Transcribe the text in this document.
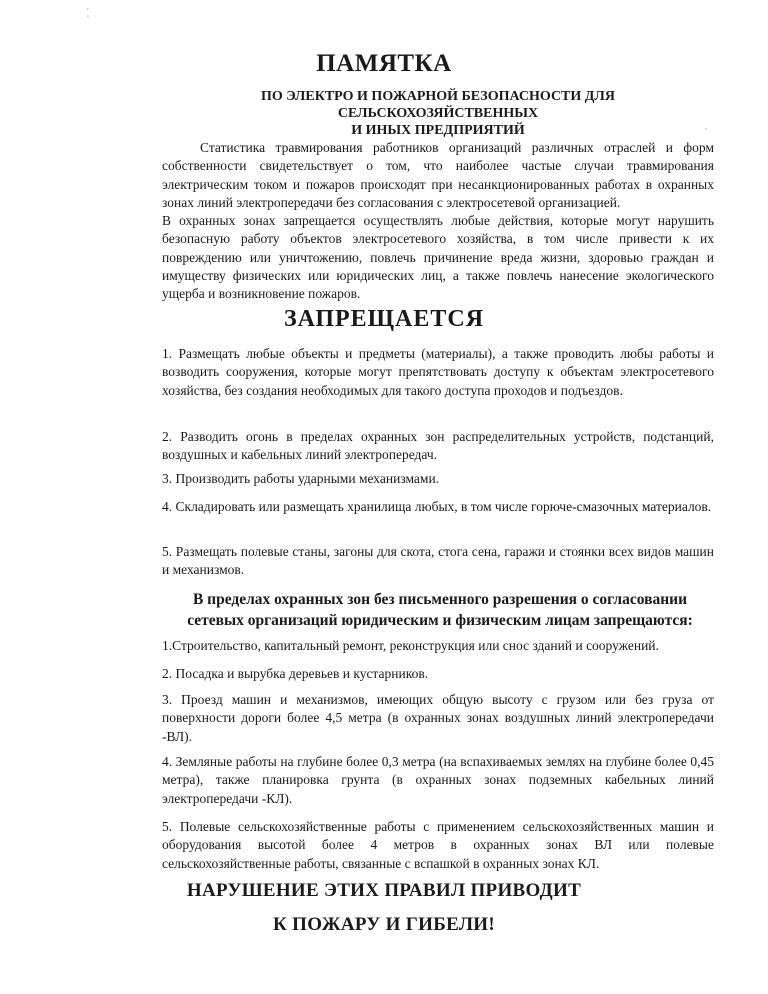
⁚
·
ПАМЯТКА
ПО ЭЛЕКТРО И ПОЖАРНОЙ БЕЗОПАСНОСТИ ДЛЯ
СЕЛЬСКОХОЗЯЙСТВЕННЫХ
И ИНЫХ ПРЕДПРИЯТИЙ

Статистика травмирования работников организаций различных отраслей и форм собственности свидетельствует о том, что наиболее частые случаи травмирования электрическим током и пожаров происходят при несанкционированных работах в охранных зонах линий электропередачи без согласования с электросетевой организацией.

В охранных зонах запрещается осуществлять любые действия, которые могут нарушить безопасную работу объектов электросетевого хозяйства, в том числе привести к их повреждению или уничтожению, повлечь причинение вреда жизни, здоровью граждан и имуществу физических или юридических лиц, а также повлечь нанесение экологического ущерба и возникновение пожаров.

ЗАПРЕЩАЕТСЯ

1. Размещать любые объекты и предметы (материалы), а также проводить любы работы и возводить сооружения, которые могут препятствовать доступу к объектам электросетевого хозяйства, без создания необходимых для такого доступа проходов и подъездов.

2. Разводить огонь в пределах охранных зон распределительных устройств, подстанций, воздушных и кабельных линий электропередач.

3. Производить работы ударными механизмами.

4. Складировать или размещать хранилища любых, в том числе горюче-смазочных материалов.

5. Размещать полевые станы, загоны для скота, стога сена, гаражи и стоянки всех видов машин и механизмов.

В пределах охранных зон без письменного разрешения о согласовании
сетевых организаций юридическим и физическим лицам запрещаются:

1.Строительство, капитальный ремонт, реконструкция или снос зданий и сооружений.

2. Посадка и вырубка деревьев и кустарников.

3. Проезд машин и механизмов, имеющих общую высоту с грузом или без груза от поверхности дороги более 4,5 метра (в охранных зонах воздушных линий электропередачи -ВЛ).

4. Земляные работы на глубине более 0,3 метра (на вспахиваемых землях на глубине более 0,45 метра), также планировка грунта (в охранных зонах подземных кабельных линий электропередачи -КЛ).

5. Полевые сельскохозяйственные работы с применением сельскохозяйственных машин и оборудования высотой более 4 метров в охранных зонах ВЛ или полевые сельскохозяйственные работы, связанные с вспашкой в охранных зонах КЛ.

НАРУШЕНИЕ ЭТИХ ПРАВИЛ ПРИВОДИТ
К ПОЖАРУ И ГИБЕЛИ!
